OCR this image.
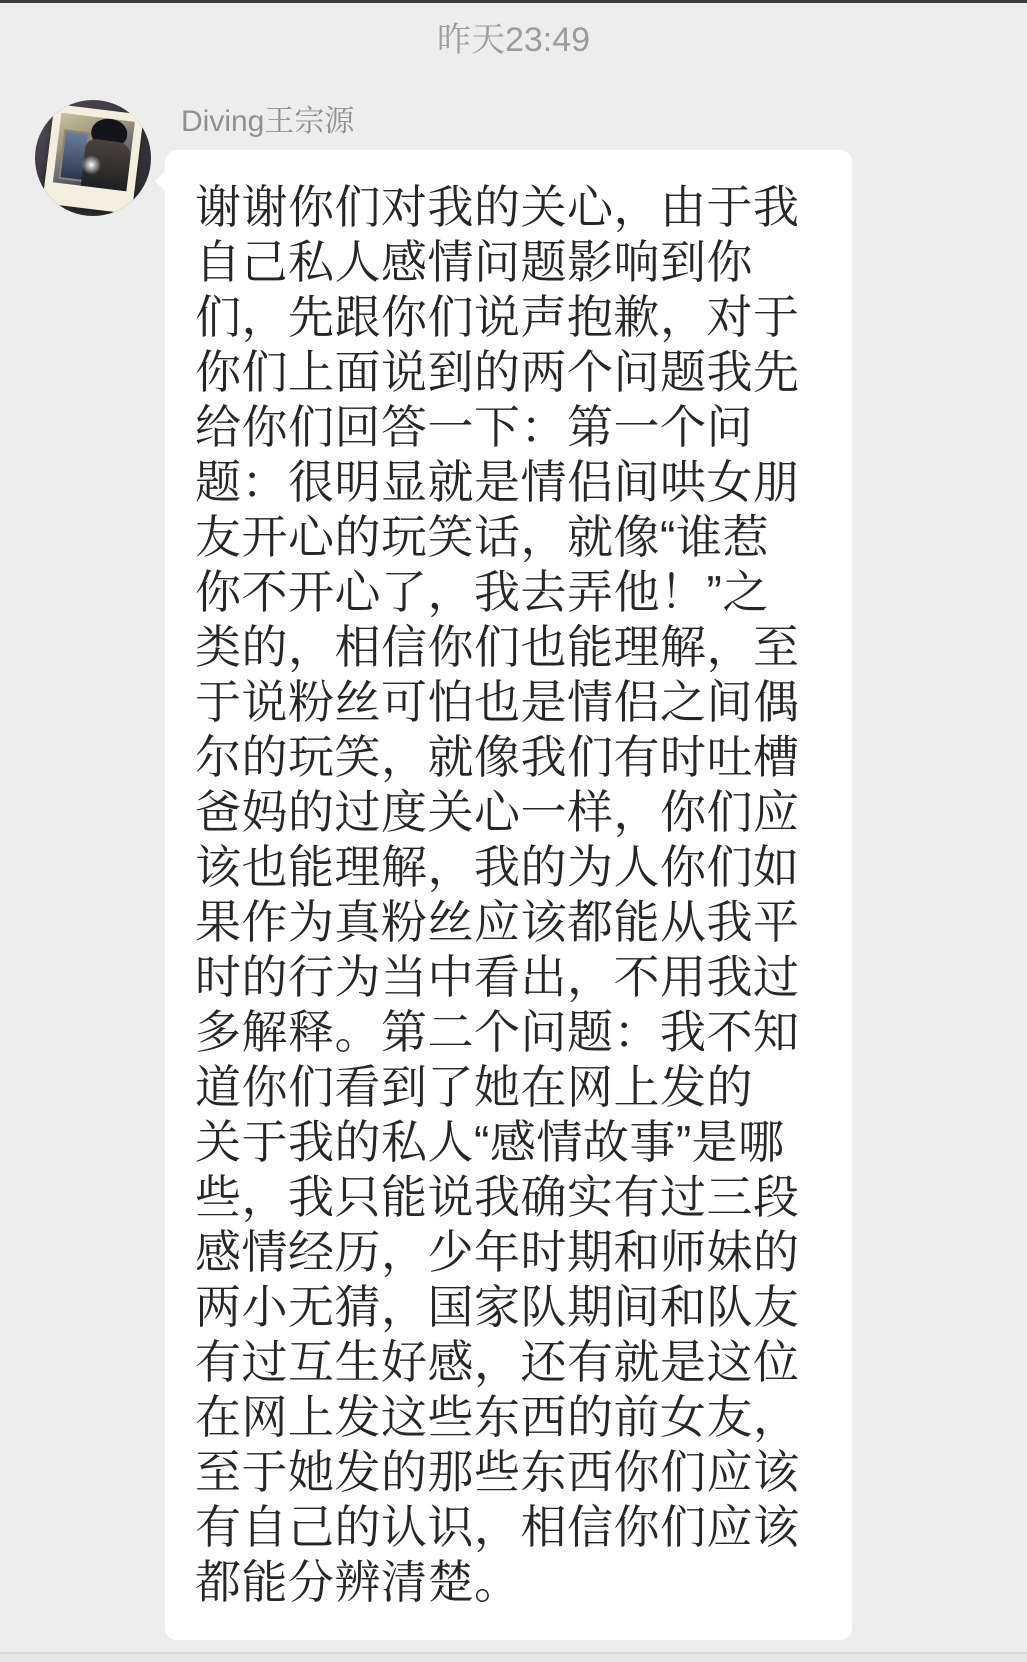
昨天23:49
Diving王宗源
谢谢你们对我的关心，由于我
自己私人感情问题影响到你
们，先跟你们说声抱歉，对于
你们上面说到的两个问题我先
给你们回答一下：第一个问
题：很明显就是情侣间哄女朋
友开心的玩笑话，就像“谁惹
你不开心了，我去弄他！”之
类的，相信你们也能理解，至
于说粉丝可怕也是情侣之间偶
尔的玩笑，就像我们有时吐槽
爸妈的过度关心一样，你们应
该也能理解，我的为人你们如
果作为真粉丝应该都能从我平
时的行为当中看出，不用我过
多解释。第二个问题：我不知
道你们看到了她在网上发的
关于我的私人“感情故事”是哪
些，我只能说我确实有过三段
感情经历，少年时期和师妹的
两小无猜，国家队期间和队友
有过互生好感，还有就是这位
在网上发这些东西的前女友，
至于她发的那些东西你们应该
有自己的认识，相信你们应该
都能分辨清楚。
